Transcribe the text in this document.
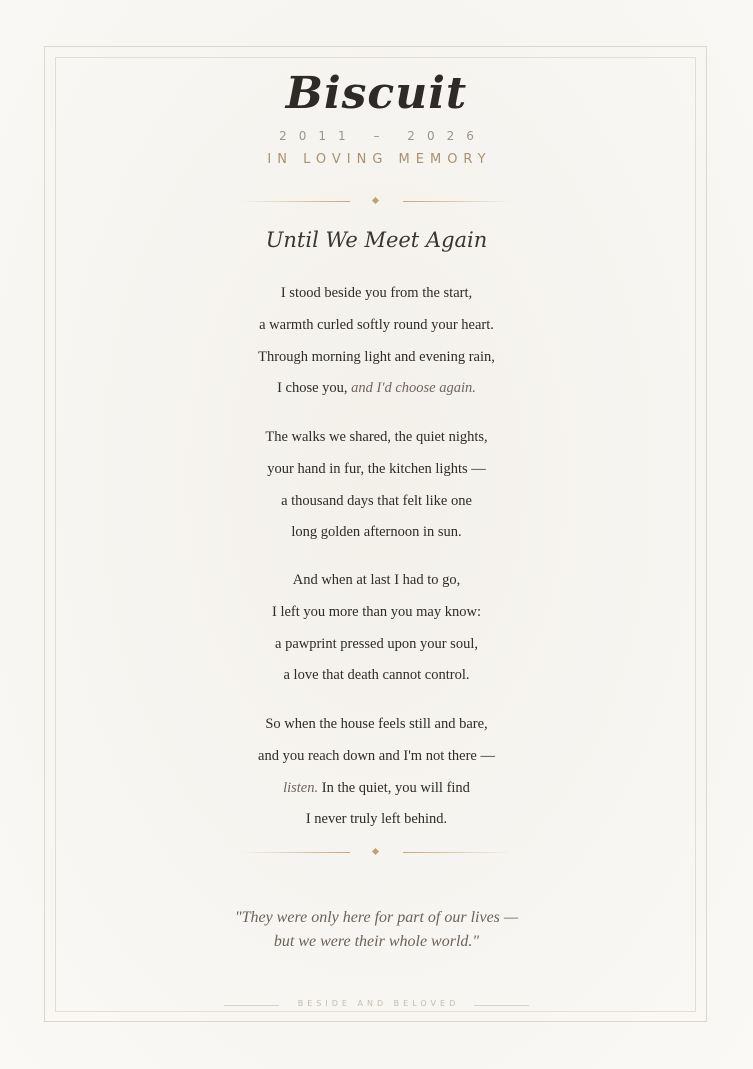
Biscuit
2011 – 2026
IN LOVING MEMORY
Until We Meet Again
I stood beside you from the start,
a warmth curled softly round your heart.
Through morning light and evening rain,
I chose you, and I'd choose again.
The walks we shared, the quiet nights,
your hand in fur, the kitchen lights —
a thousand days that felt like one
long golden afternoon in sun.
And when at last I had to go,
I left you more than you may know:
a pawprint pressed upon your soul,
a love that death cannot control.
So when the house feels still and bare,
and you reach down and I'm not there —
listen. In the quiet, you will find
I never truly left behind.
"They were only here for part of our lives —
but we were their whole world."
BESIDE AND BELOVED
